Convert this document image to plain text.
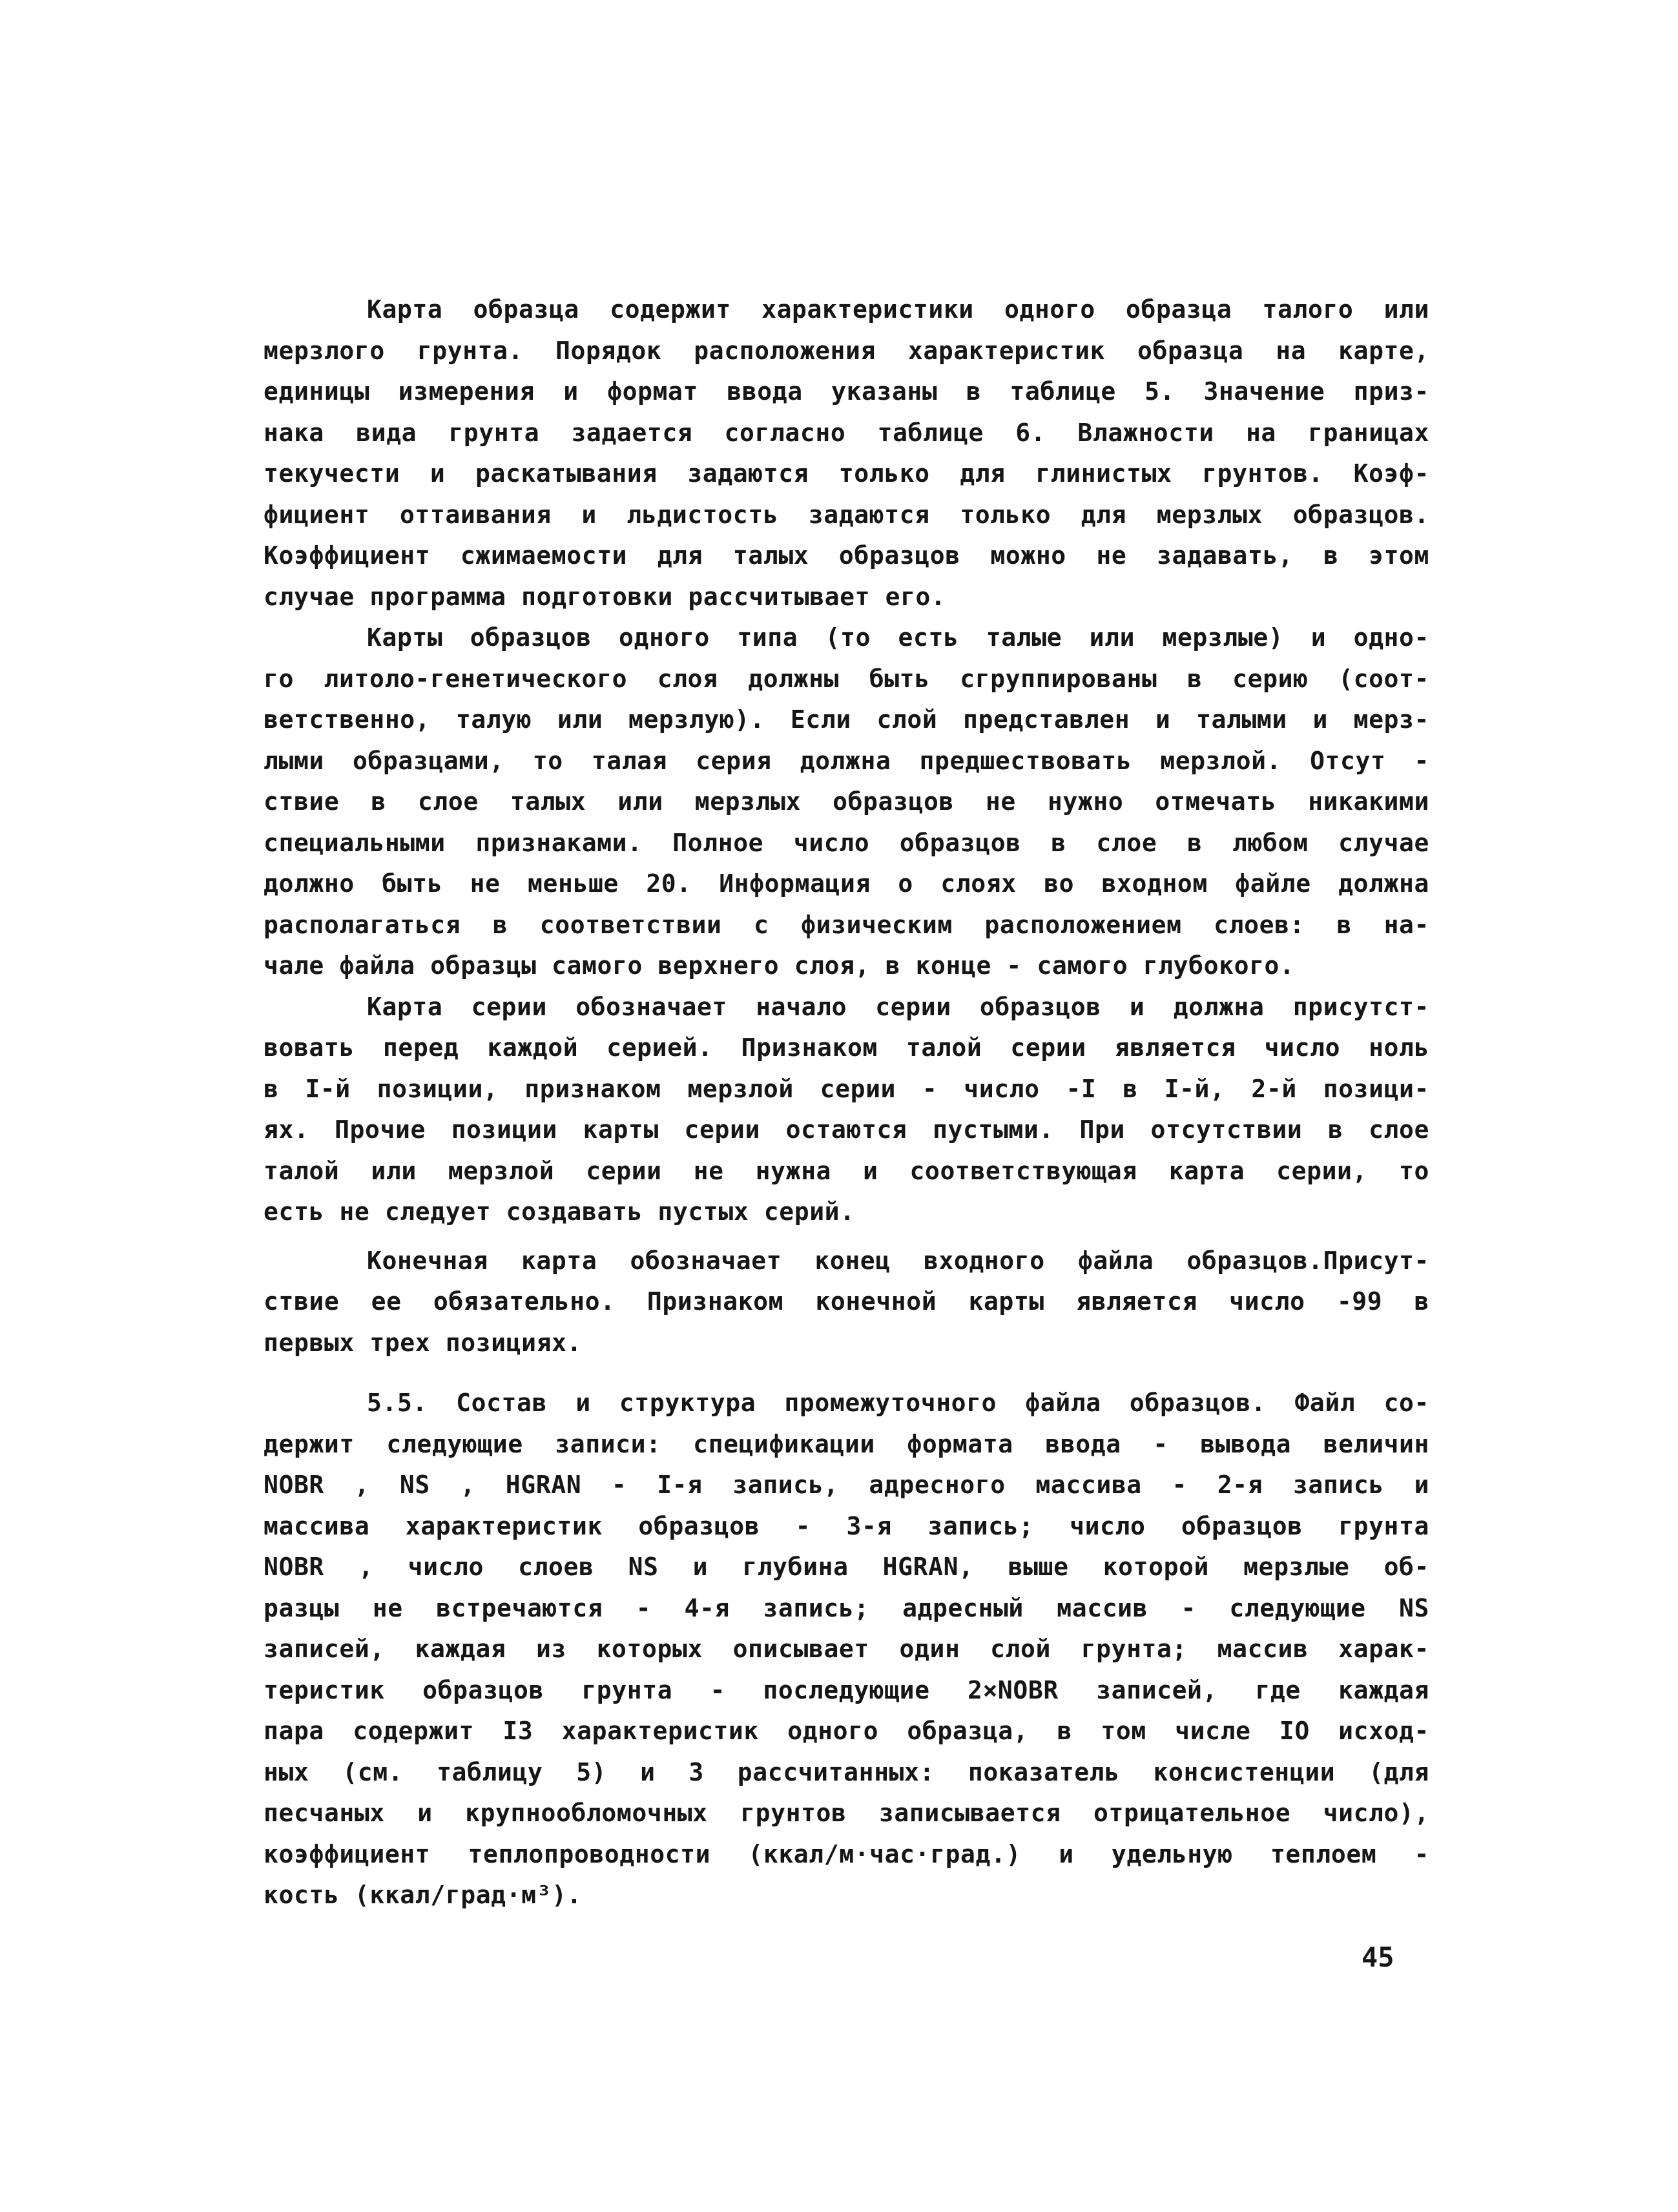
Карта образца содержит характеристики одного образца талого или
мерзлого грунта. Порядок расположения характеристик образца на карте,
единицы измерения и формат ввода указаны в таблице 5. Значение приз-
нака вида грунта задается согласно таблице 6. Влажности на границах
текучести и раскатывания задаются только для глинистых грунтов. Коэф-
фициент оттаивания и льдистость задаются только для мерзлых образцов.
Коэффициент сжимаемости для талых образцов можно не задавать, в этом
случае программа подготовки рассчитывает его.
Карты образцов одного типа (то есть талые или мерзлые) и одно-
го литоло-генетического слоя должны быть сгруппированы в серию (соот-
ветственно, талую или мерзлую). Если слой представлен и талыми и мерз-
лыми образцами, то талая серия должна предшествовать мерзлой. Отсут -
ствие в слое талых или мерзлых образцов не нужно отмечать никакими
специальными признаками. Полное число образцов в слое в любом случае
должно быть не меньше 20. Информация о слоях во входном файле должна
располагаться в соответствии с физическим расположением слоев: в на-
чале файла образцы самого верхнего слоя, в конце - самого глубокого.
Карта серии обозначает начало серии образцов и должна присутст-
вовать перед каждой серией. Признаком талой серии является число ноль
в I-й позиции, признаком мерзлой серии - число -I в I-й, 2-й позици-
ях. Прочие позиции карты серии остаются пустыми. При отсутствии в слое
талой или мерзлой серии не нужна и соответствующая карта серии, то
есть не следует создавать пустых серий.
Конечная карта обозначает конец входного файла образцов.Присут-
ствие ее обязательно. Признаком конечной карты является число -99 в
первых трех позициях.
5.5. Состав и структура промежуточного файла образцов. Файл со-
держит следующие записи: спецификации формата ввода - вывода величин
NOBR , NS , HGRAN - I-я запись, адресного массива - 2-я запись и
массива характеристик образцов - 3-я запись; число образцов грунта
NOBR , число слоев NS и глубина HGRAN, выше которой мерзлые об-
разцы не встречаются - 4-я запись; адресный массив - следующие NS
записей, каждая из которых описывает один слой грунта; массив харак-
теристик образцов грунта - последующие 2×NOBR записей, где каждая
пара содержит I3 характеристик одного образца, в том числе IO исход-
ных (см. таблицу 5) и 3 рассчитанных: показатель консистенции (для
песчаных и крупнообломочных грунтов записывается отрицательное число),
коэффициент теплопроводности (ккал/м·час·град.) и удельную теплоем -
кость (ккал/град·м³).
45
